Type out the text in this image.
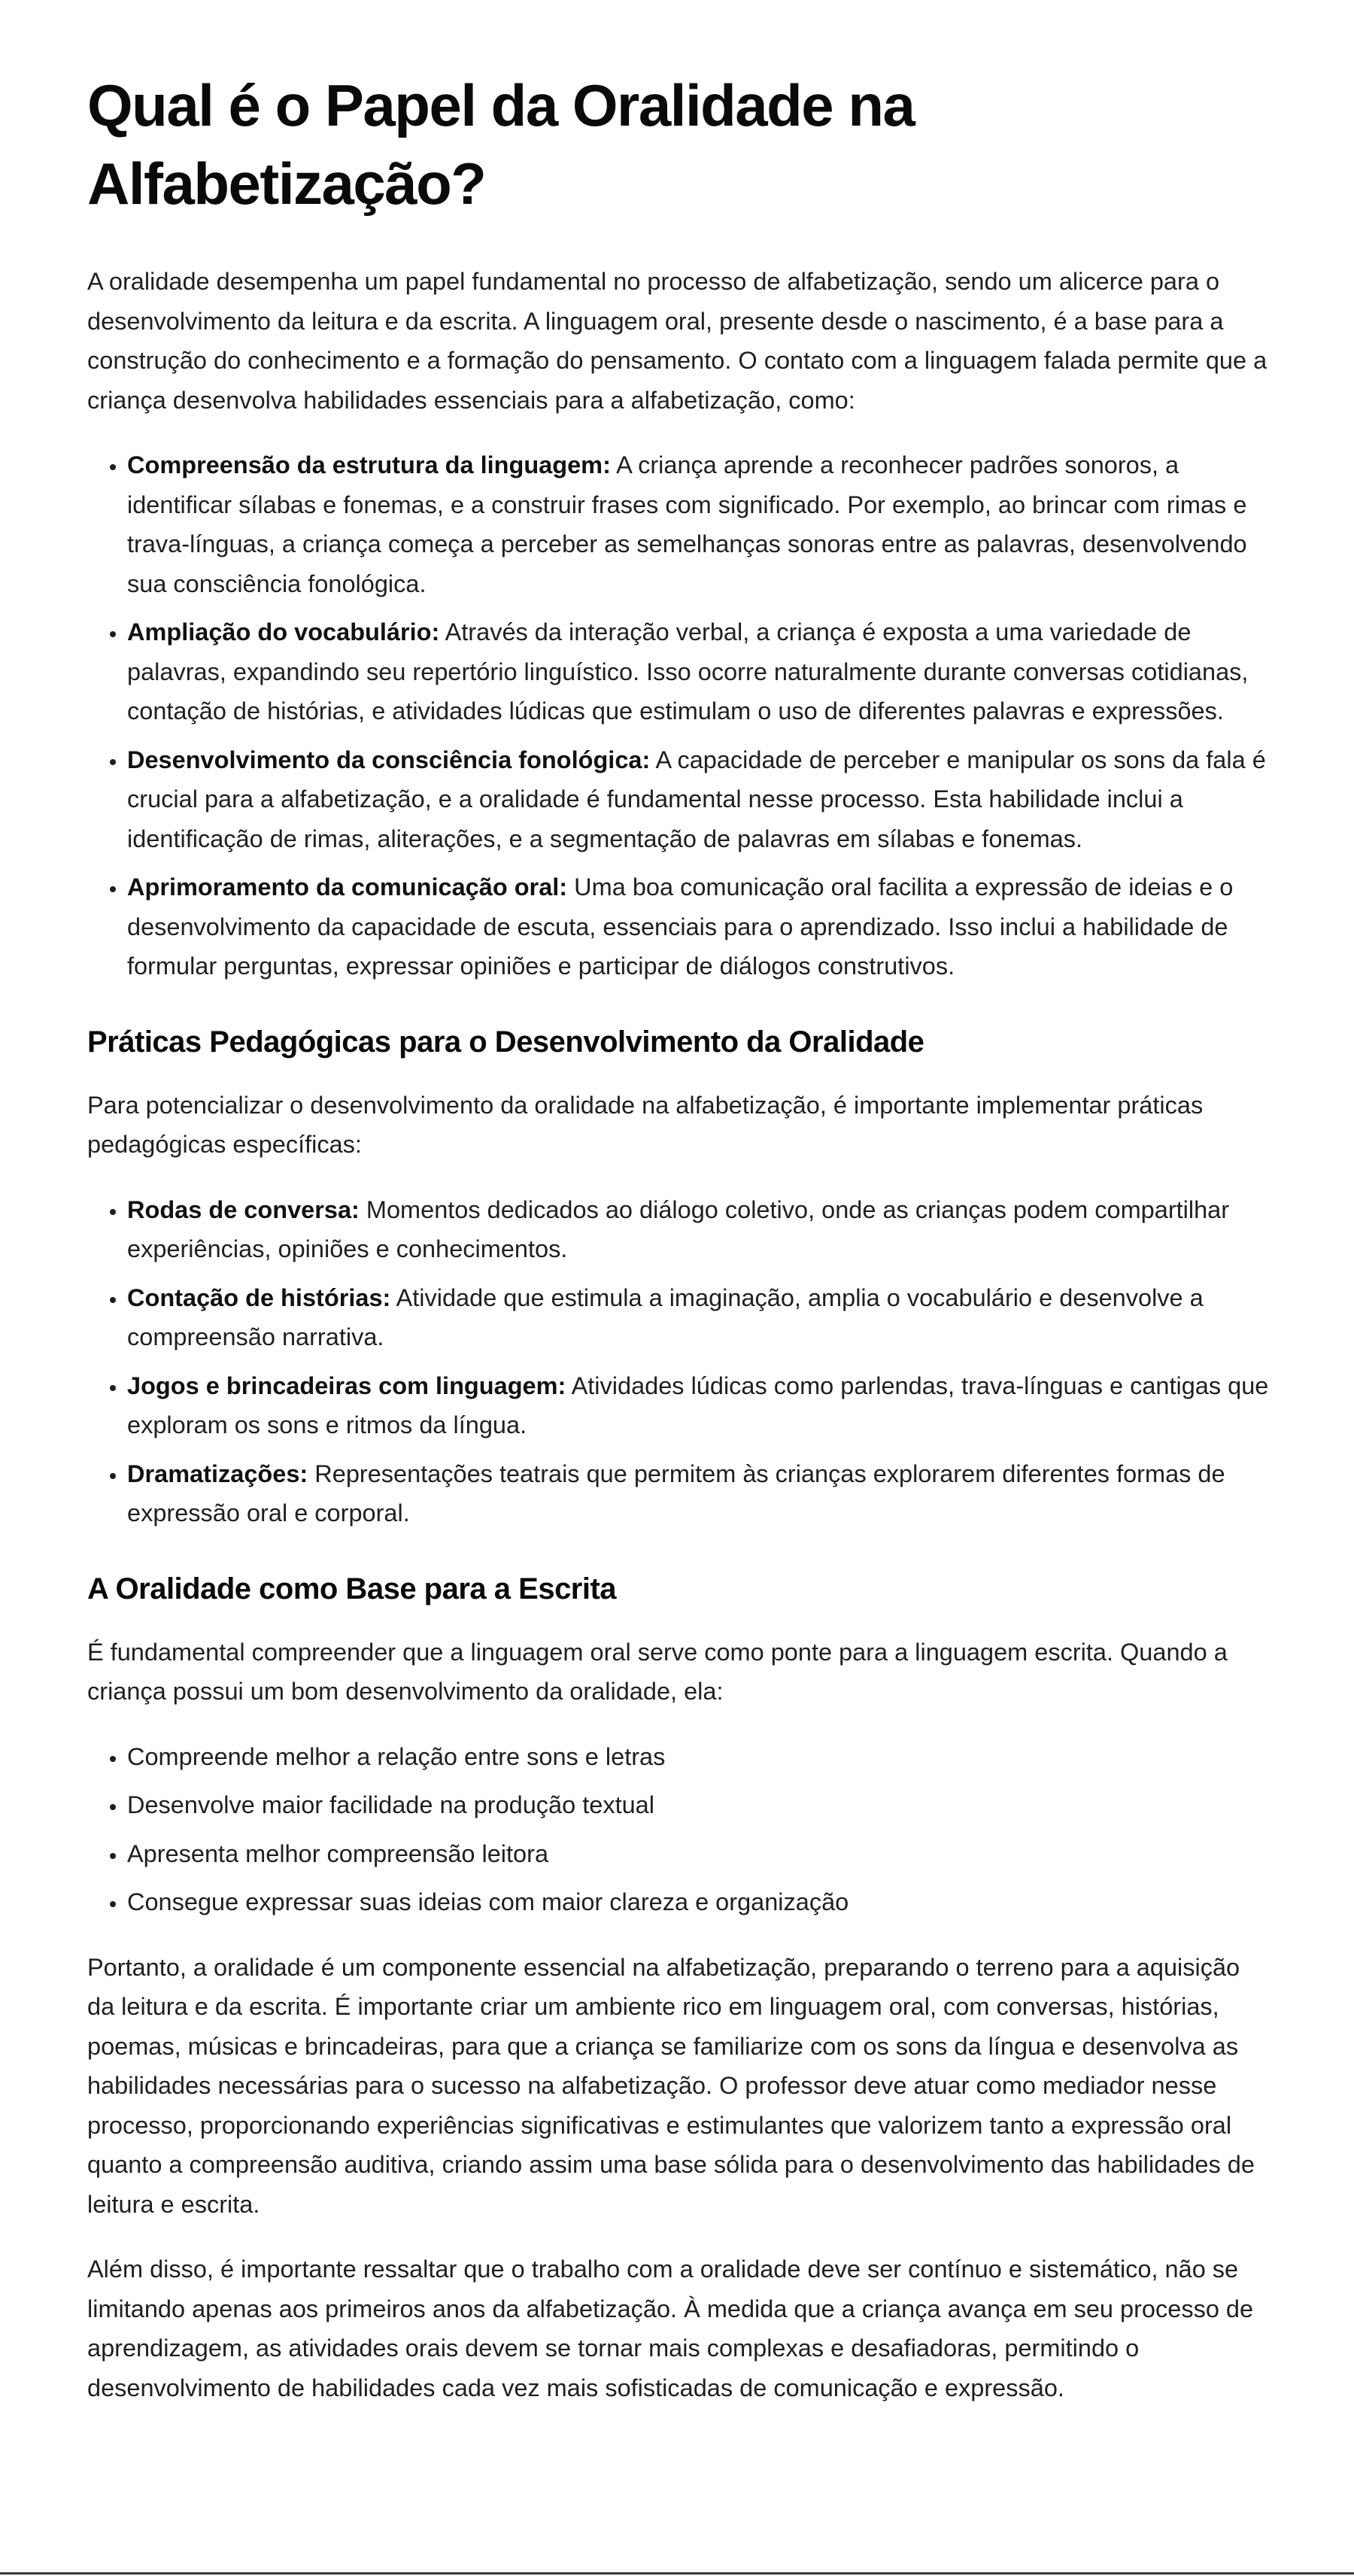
Qual é o Papel da Oralidade na Alfabetização?

A oralidade desempenha um papel fundamental no processo de alfabetização, sendo um alicerce para o desenvolvimento da leitura e da escrita. A linguagem oral, presente desde o nascimento, é a base para a construção do conhecimento e a formação do pensamento. O contato com a linguagem falada permite que a criança desenvolva habilidades essenciais para a alfabetização, como:

• Compreensão da estrutura da linguagem: A criança aprende a reconhecer padrões sonoros, a identificar sílabas e fonemas, e a construir frases com significado. Por exemplo, ao brincar com rimas e trava-línguas, a criança começa a perceber as semelhanças sonoras entre as palavras, desenvolvendo sua consciência fonológica.
• Ampliação do vocabulário: Através da interação verbal, a criança é exposta a uma variedade de palavras, expandindo seu repertório linguístico. Isso ocorre naturalmente durante conversas cotidianas, contação de histórias, e atividades lúdicas que estimulam o uso de diferentes palavras e expressões.
• Desenvolvimento da consciência fonológica: A capacidade de perceber e manipular os sons da fala é crucial para a alfabetização, e a oralidade é fundamental nesse processo. Esta habilidade inclui a identificação de rimas, aliterações, e a segmentação de palavras em sílabas e fonemas.
• Aprimoramento da comunicação oral: Uma boa comunicação oral facilita a expressão de ideias e o desenvolvimento da capacidade de escuta, essenciais para o aprendizado. Isso inclui a habilidade de formular perguntas, expressar opiniões e participar de diálogos construtivos.
Práticas Pedagógicas para o Desenvolvimento da Oralidade

Para potencializar o desenvolvimento da oralidade na alfabetização, é importante implementar práticas pedagógicas específicas:

• Rodas de conversa: Momentos dedicados ao diálogo coletivo, onde as crianças podem compartilhar experiências, opiniões e conhecimentos.
• Contação de histórias: Atividade que estimula a imaginação, amplia o vocabulário e desenvolve a compreensão narrativa.
• Jogos e brincadeiras com linguagem: Atividades lúdicas como parlendas, trava-línguas e cantigas que exploram os sons e ritmos da língua.
• Dramatizações: Representações teatrais que permitem às crianças explorarem diferentes formas de expressão oral e corporal.
A Oralidade como Base para a Escrita

É fundamental compreender que a linguagem oral serve como ponte para a linguagem escrita. Quando a criança possui um bom desenvolvimento da oralidade, ela:

• Compreende melhor a relação entre sons e letras
• Desenvolve maior facilidade na produção textual
• Apresenta melhor compreensão leitora
• Consegue expressar suas ideias com maior clareza e organização

Portanto, a oralidade é um componente essencial na alfabetização, preparando o terreno para a aquisição da leitura e da escrita. É importante criar um ambiente rico em linguagem oral, com conversas, histórias, poemas, músicas e brincadeiras, para que a criança se familiarize com os sons da língua e desenvolva as habilidades necessárias para o sucesso na alfabetização. O professor deve atuar como mediador nesse processo, proporcionando experiências significativas e estimulantes que valorizem tanto a expressão oral quanto a compreensão auditiva, criando assim uma base sólida para o desenvolvimento das habilidades de leitura e escrita.

Além disso, é importante ressaltar que o trabalho com a oralidade deve ser contínuo e sistemático, não se limitando apenas aos primeiros anos da alfabetização. À medida que a criança avança em seu processo de aprendizagem, as atividades orais devem se tornar mais complexas e desafiadoras, permitindo o desenvolvimento de habilidades cada vez mais sofisticadas de comunicação e expressão.
